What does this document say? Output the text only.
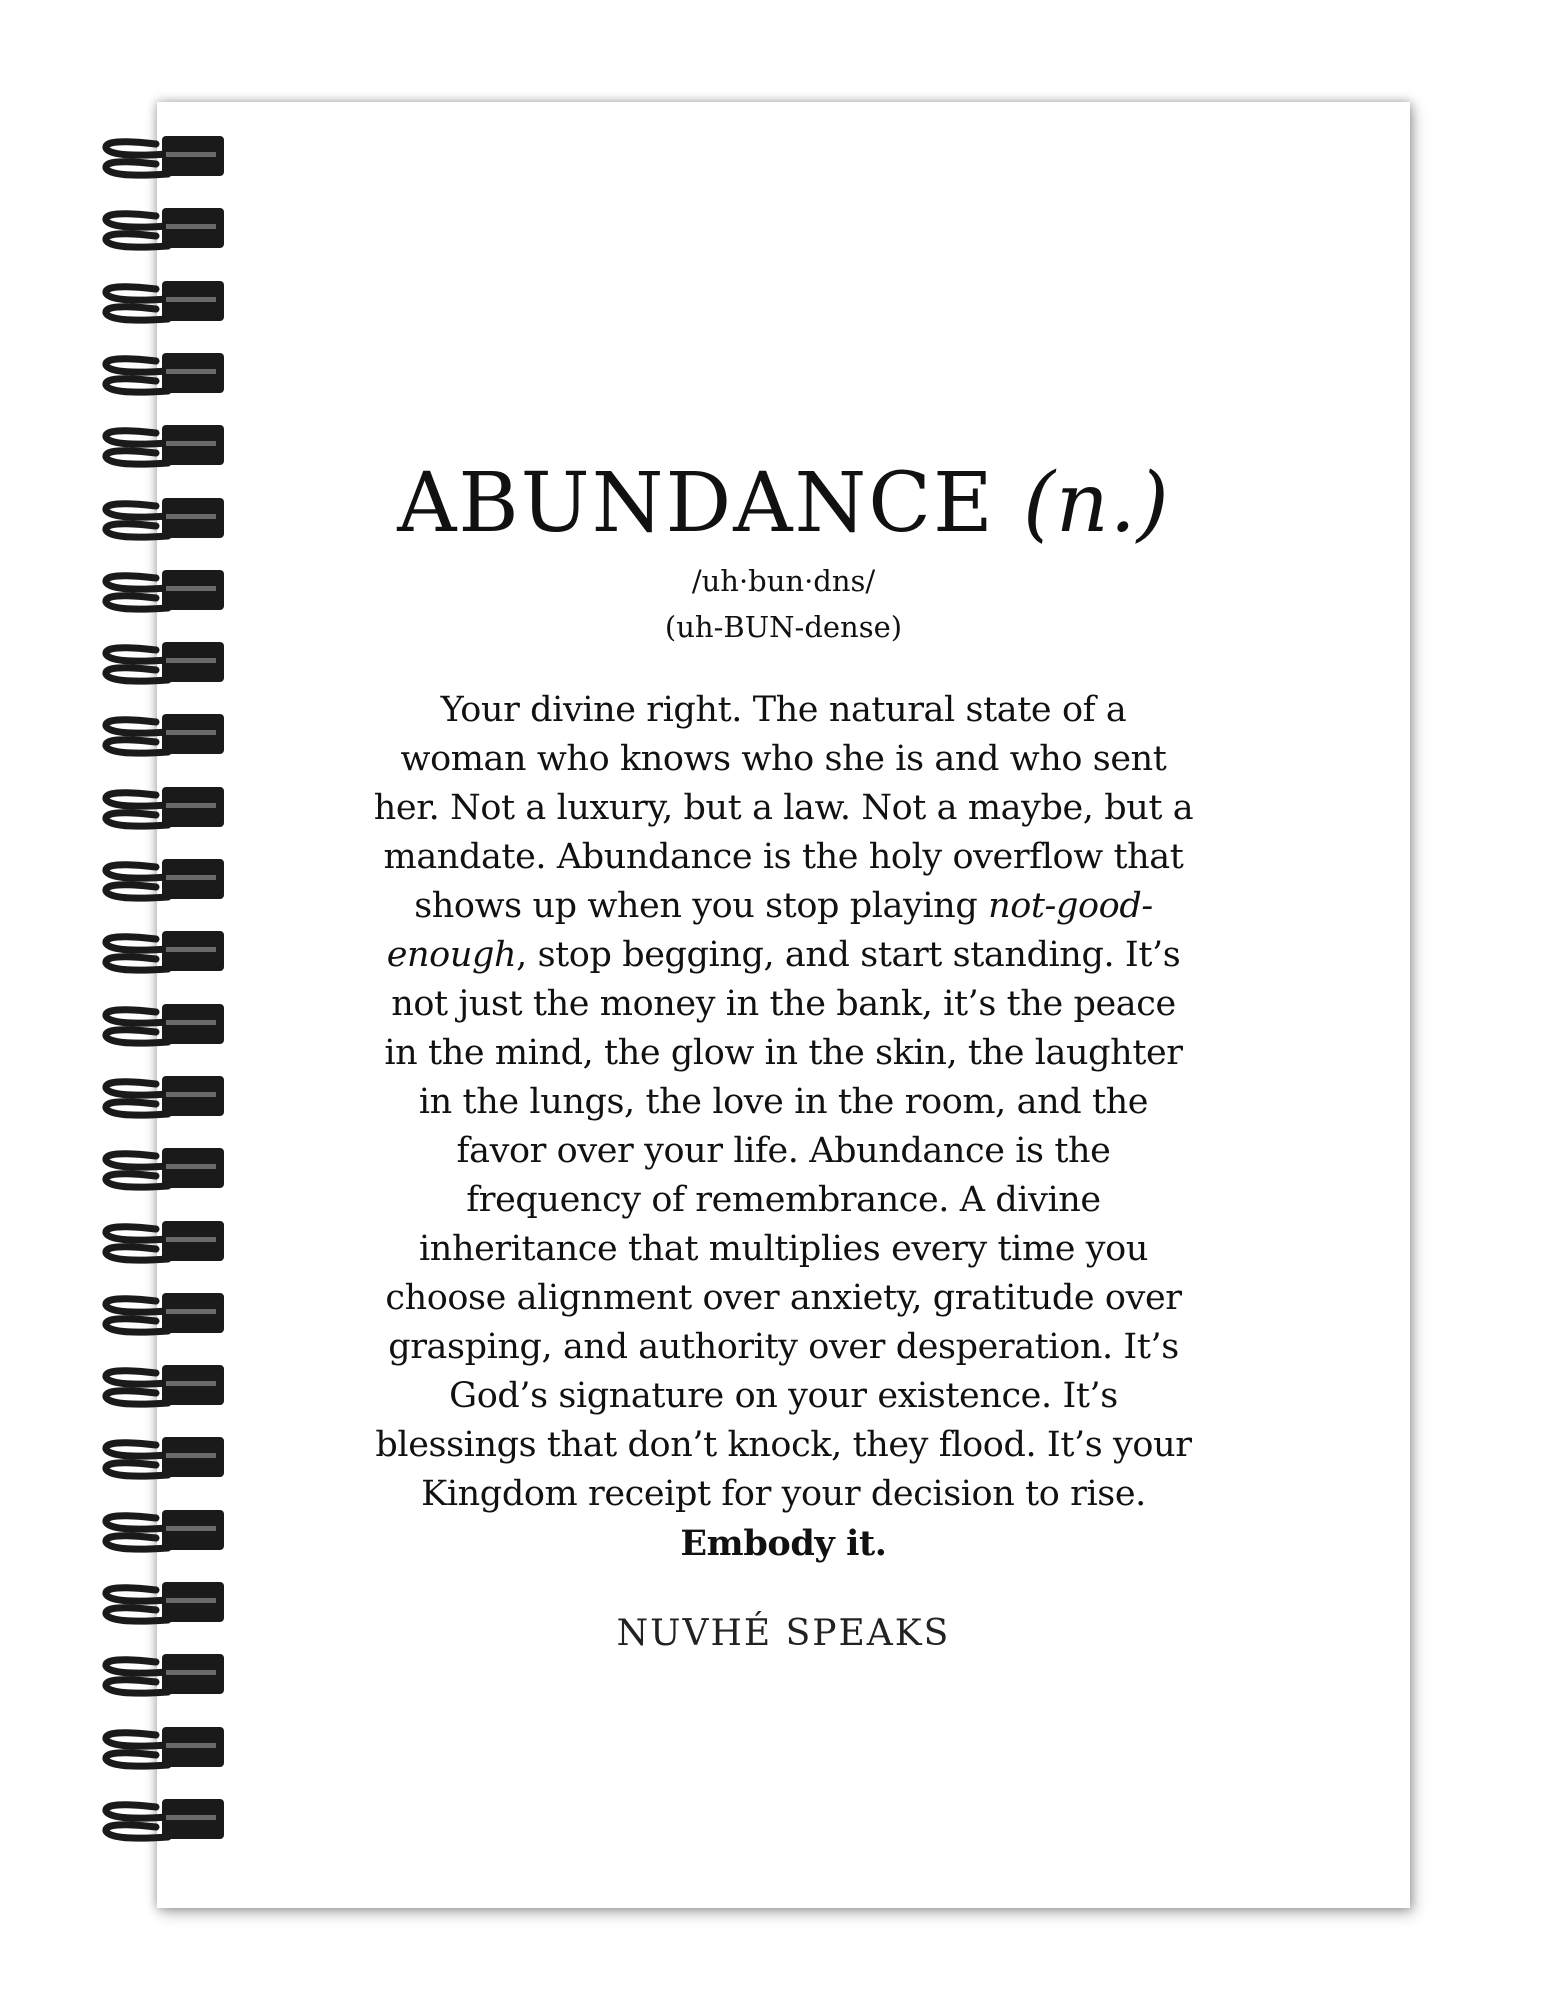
ABUNDANCE (n.)
/uh·bun·dns/
(uh-BUN-dense)
Your divine right. The natural state of a woman who knows who she is and who sent her. Not a luxury, but a law. Not a maybe, but a mandate. Abundance is the holy overflow that shows up when you stop playing not-good-enough, stop begging, and start standing. It’s not just the money in the bank, it’s the peace in the mind, the glow in the skin, the laughter in the lungs, the love in the room, and the favor over your life. Abundance is the frequency of remembrance. A divine inheritance that multiplies every time you choose alignment over anxiety, gratitude over grasping, and authority over desperation. It’s God’s signature on your existence. It’s blessings that don’t knock, they flood. It’s your Kingdom receipt for your decision to rise.
Embody it.
NUVHÉ SPEAKS
